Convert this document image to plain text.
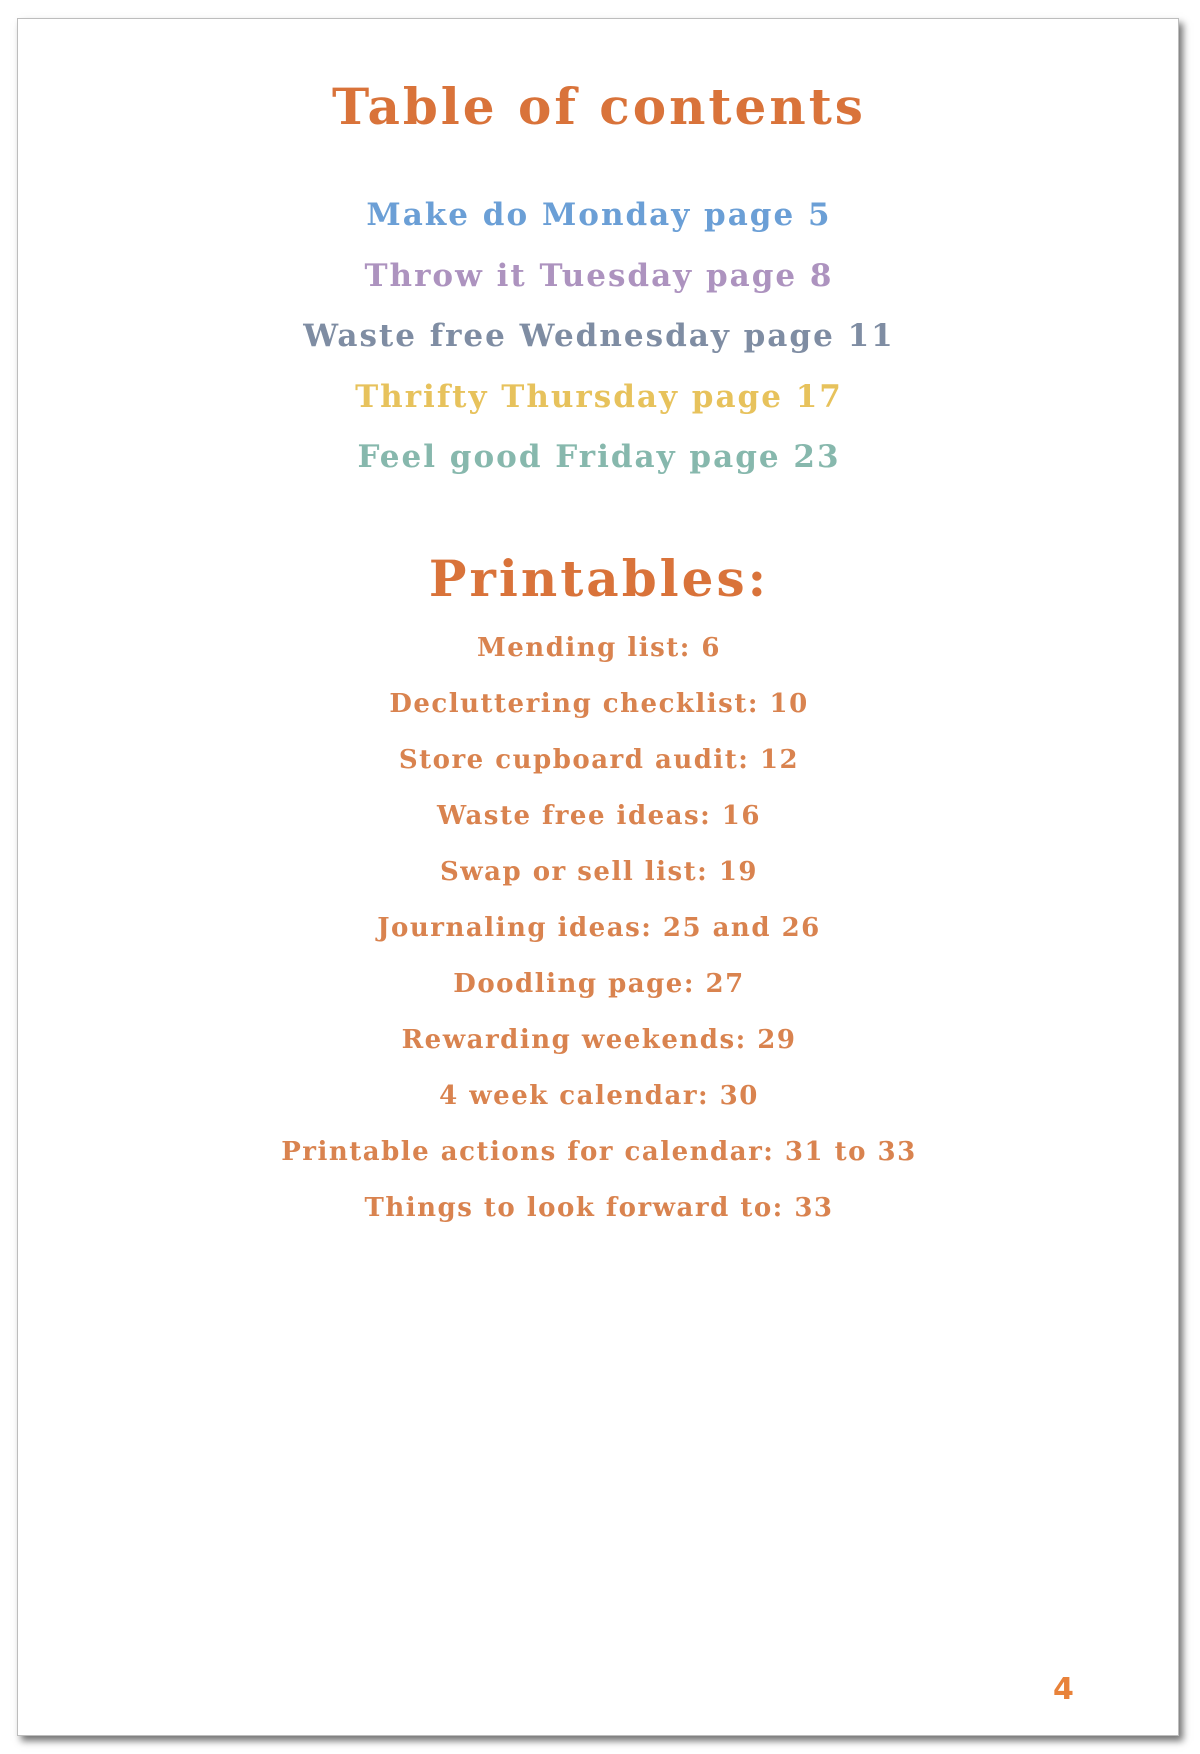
Table of contents
Make do Monday page 5
Throw it Tuesday page 8
Waste free Wednesday page 11
Thrifty Thursday page 17
Feel good Friday page 23
Printables:
Mending list: 6
Decluttering checklist: 10
Store cupboard audit: 12
Waste free ideas: 16
Swap or sell list: 19
Journaling ideas: 25 and 26
Doodling page: 27
Rewarding weekends: 29
4 week calendar: 30
Printable actions for calendar: 31 to 33
Things to look forward to: 33
4
